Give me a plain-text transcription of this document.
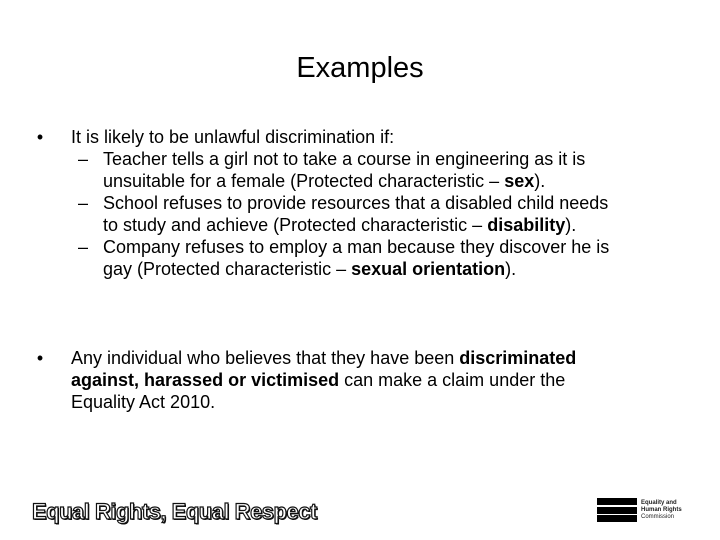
Examples
•	It is likely to be unlawful discrimination if:
– Teacher tells a girl not to take a course in engineering as it is
unsuitable for a female (Protected characteristic – sex).
– School refuses to provide resources that a disabled child needs
to study and achieve (Protected characteristic – disability).
– Company refuses to employ a man because they discover he is
gay (Protected characteristic – sexual orientation).
•	Any individual who believes that they have been discriminated
against, harassed or victimised can make a claim under the
Equality Act 2010.
Equal Rights, Equal Respect	Equality and
Human Rights
Commission
